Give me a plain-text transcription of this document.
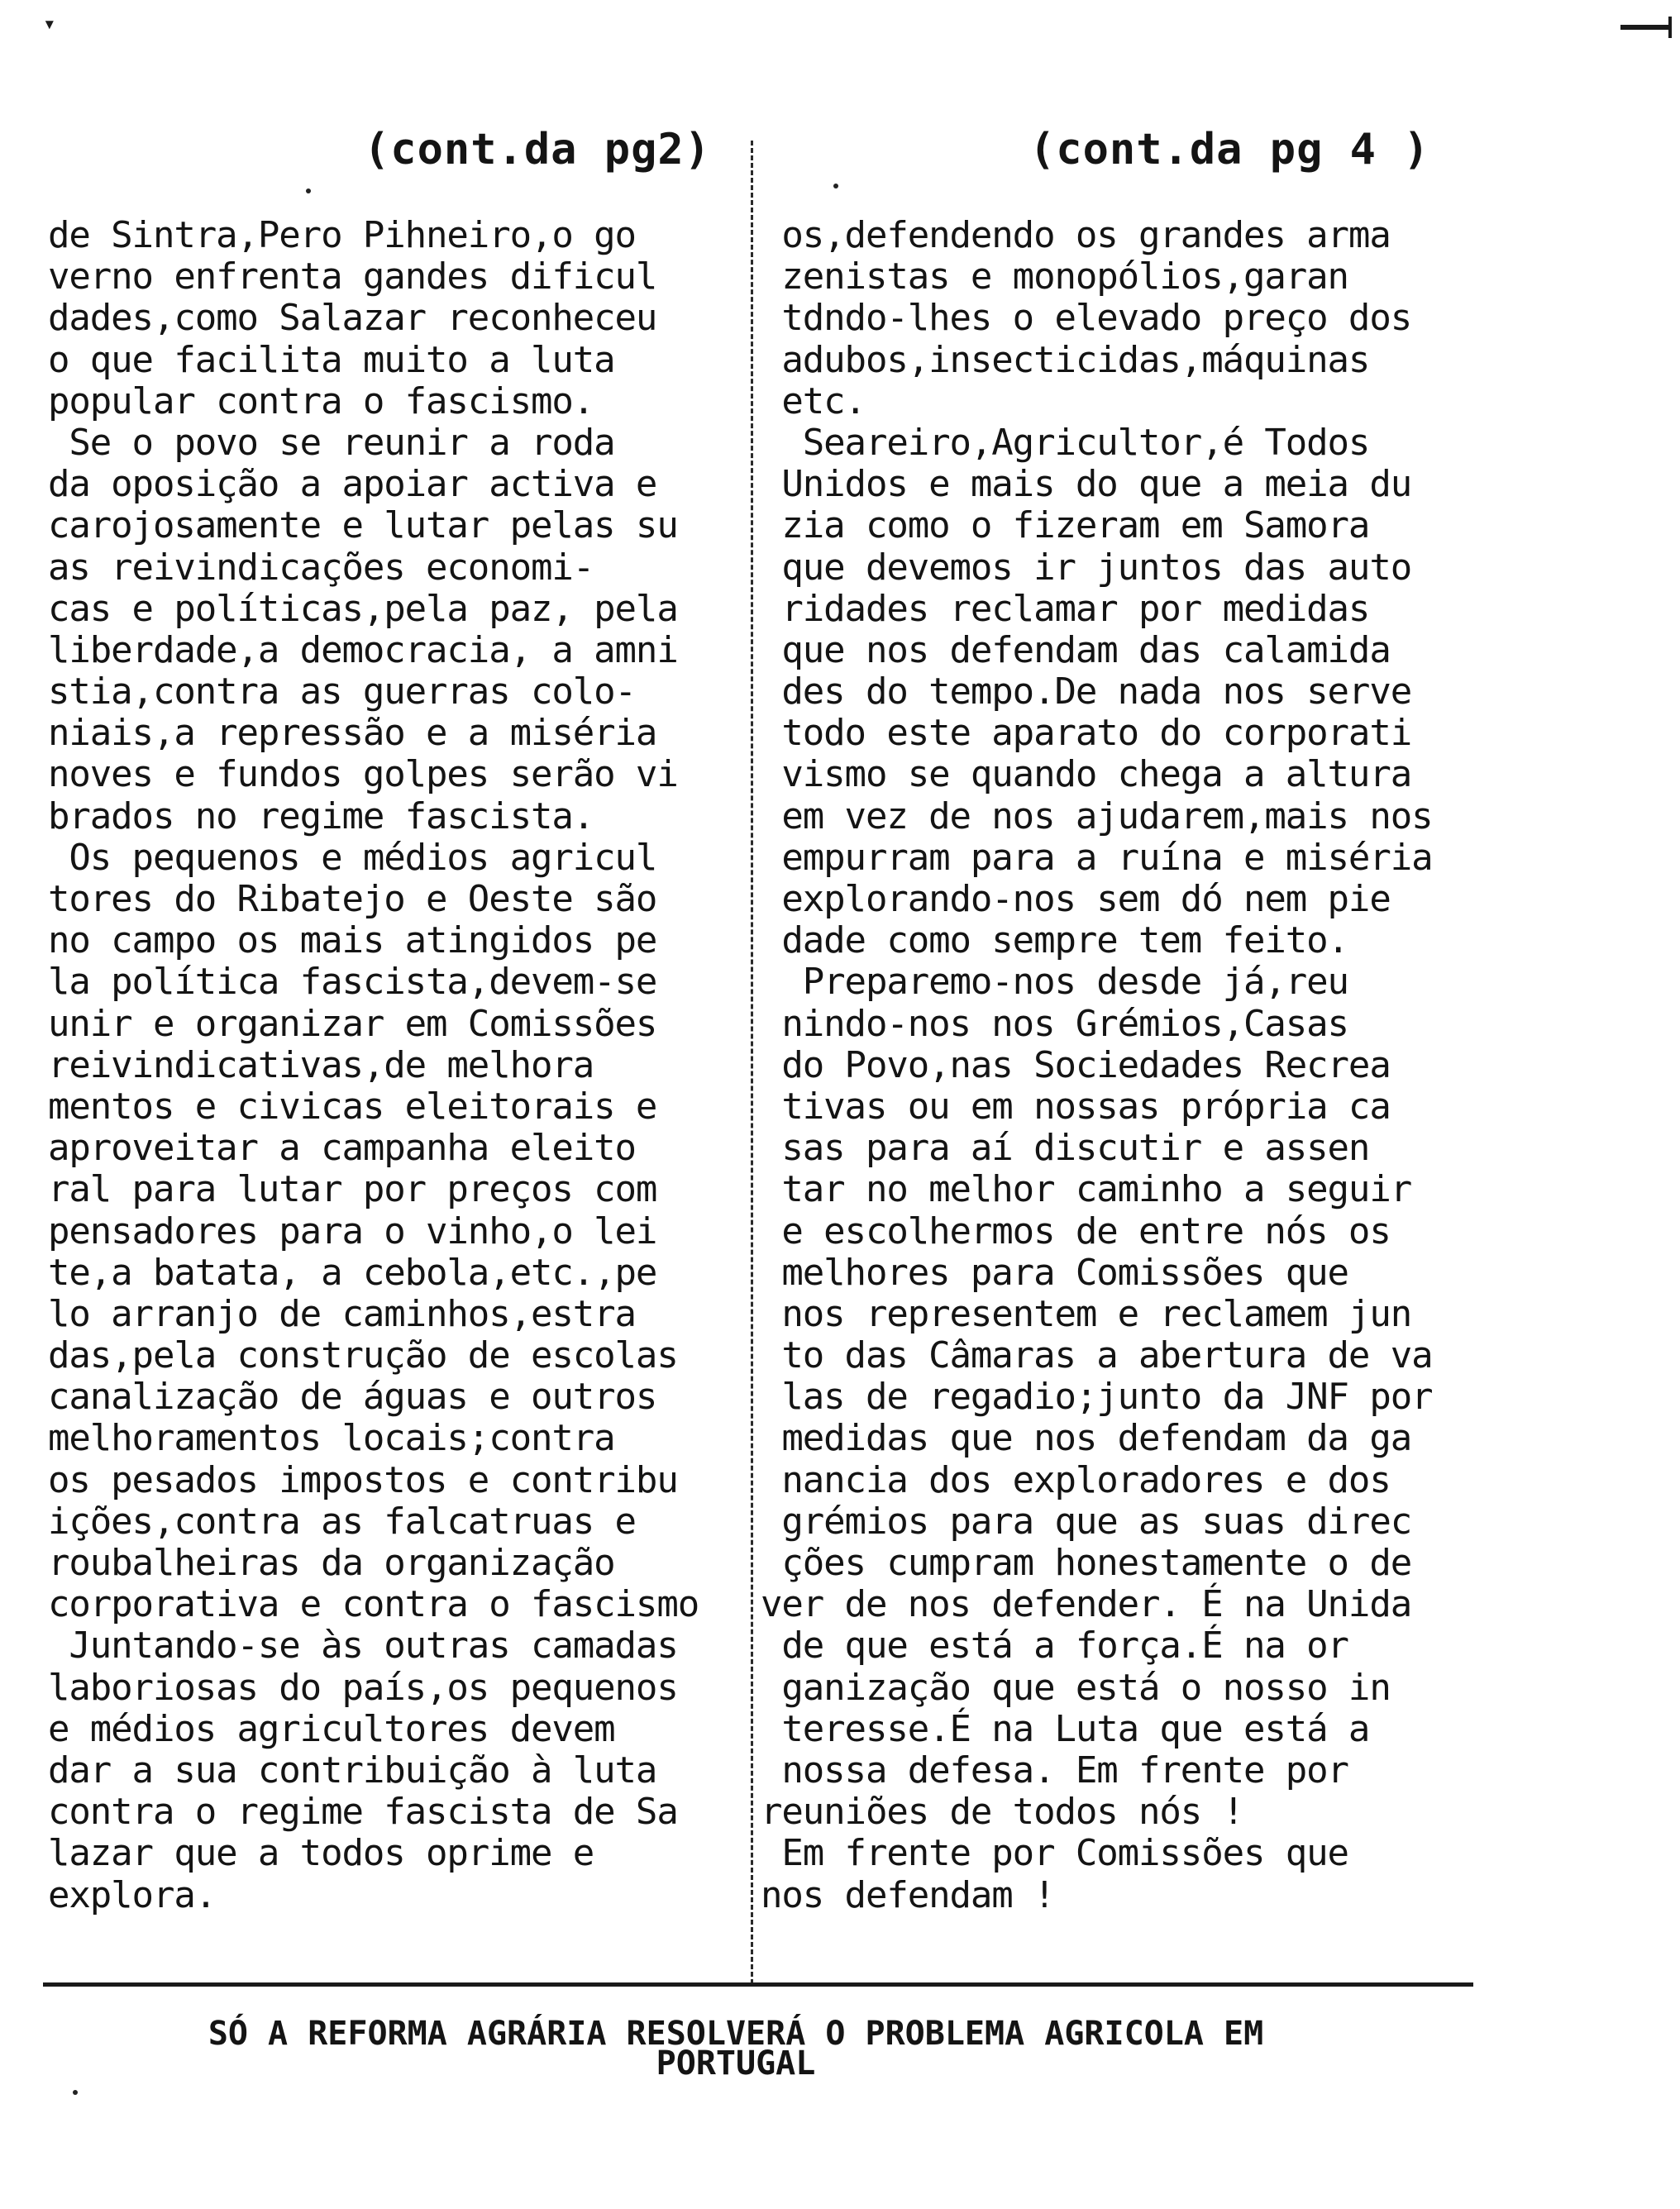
▾
(cont.da pg2)	(cont.da pg 4 )
de Sintra,Pero Pihneiro,o go
verno enfrenta gandes dificul
dades,como Salazar reconheceu
o que facilita muito a luta
popular contra o fascismo.
Se o povo se reunir a roda
da oposição a apoiar activa e
carojosamente e lutar pelas su
as reivindicações economi-
cas e políticas,pela paz, pela
liberdade,a democracia, a amni
stia,contra as guerras colo-
niais,a repressão e a miséria
noves e fundos golpes serão vi
brados no regime fascista.
Os pequenos e médios agricul
tores do Ribatejo e Oeste são
no campo os mais atingidos pe
la política fascista,devem-se
unir e organizar em Comissões
reivindicativas,de melhora
mentos e civicas eleitorais e
aproveitar a campanha eleito
ral para lutar por preços com
pensadores para o vinho,o lei
te,a batata, a cebola,etc.,pe
lo arranjo de caminhos,estra
das,pela construção de escolas
canalização de águas e outros
melhoramentos locais;contra
os pesados impostos e contribu
ições,contra as falcatruas e
roubalheiras da organização
corporativa e contra o fascismo
Juntando-se às outras camadas
laboriosas do país,os pequenos
e médios agricultores devem
dar a sua contribuição à luta
contra o regime fascista de Sa
lazar que a todos oprime e
explora.
os,defendendo os grandes arma
zenistas e monopólios,garan
tdndo-lhes o elevado preço dos
adubos,insecticidas,máquinas
etc.
Seareiro,Agricultor,é Todos
Unidos e mais do que a meia du
zia como o fizeram em Samora
que devemos ir juntos das auto
ridades reclamar por medidas
que nos defendam das calamida
des do tempo.De nada nos serve
todo este aparato do corporati
vismo se quando chega a altura
em vez de nos ajudarem,mais nos
empurram para a ruína e miséria
explorando-nos sem dó nem pie
dade como sempre tem feito.
Preparemo-nos desde já,reu
nindo-nos nos Grémios,Casas
do Povo,nas Sociedades Recrea
tivas ou em nossas própria ca
sas para aí discutir e assen
tar no melhor caminho a seguir
e escolhermos de entre nós os
melhores para Comissões que
nos representem e reclamem jun
to das Câmaras a abertura de va
las de regadio;junto da JNF por
medidas que nos defendam da ga
nancia dos exploradores e dos
grémios para que as suas direc
ções cumpram honestamente o de
ver de nos defender. É na Unida
de que está a força.É na or
ganização que está o nosso in
teresse.É na Luta que está a
nossa defesa. Em frente por
reuniões de todos nós !
Em frente por Comissões que
nos defendam !
SÓ A REFORMA AGRÁRIA RESOLVERÁ O PROBLEMA AGRICOLA EM
PORTUGAL
